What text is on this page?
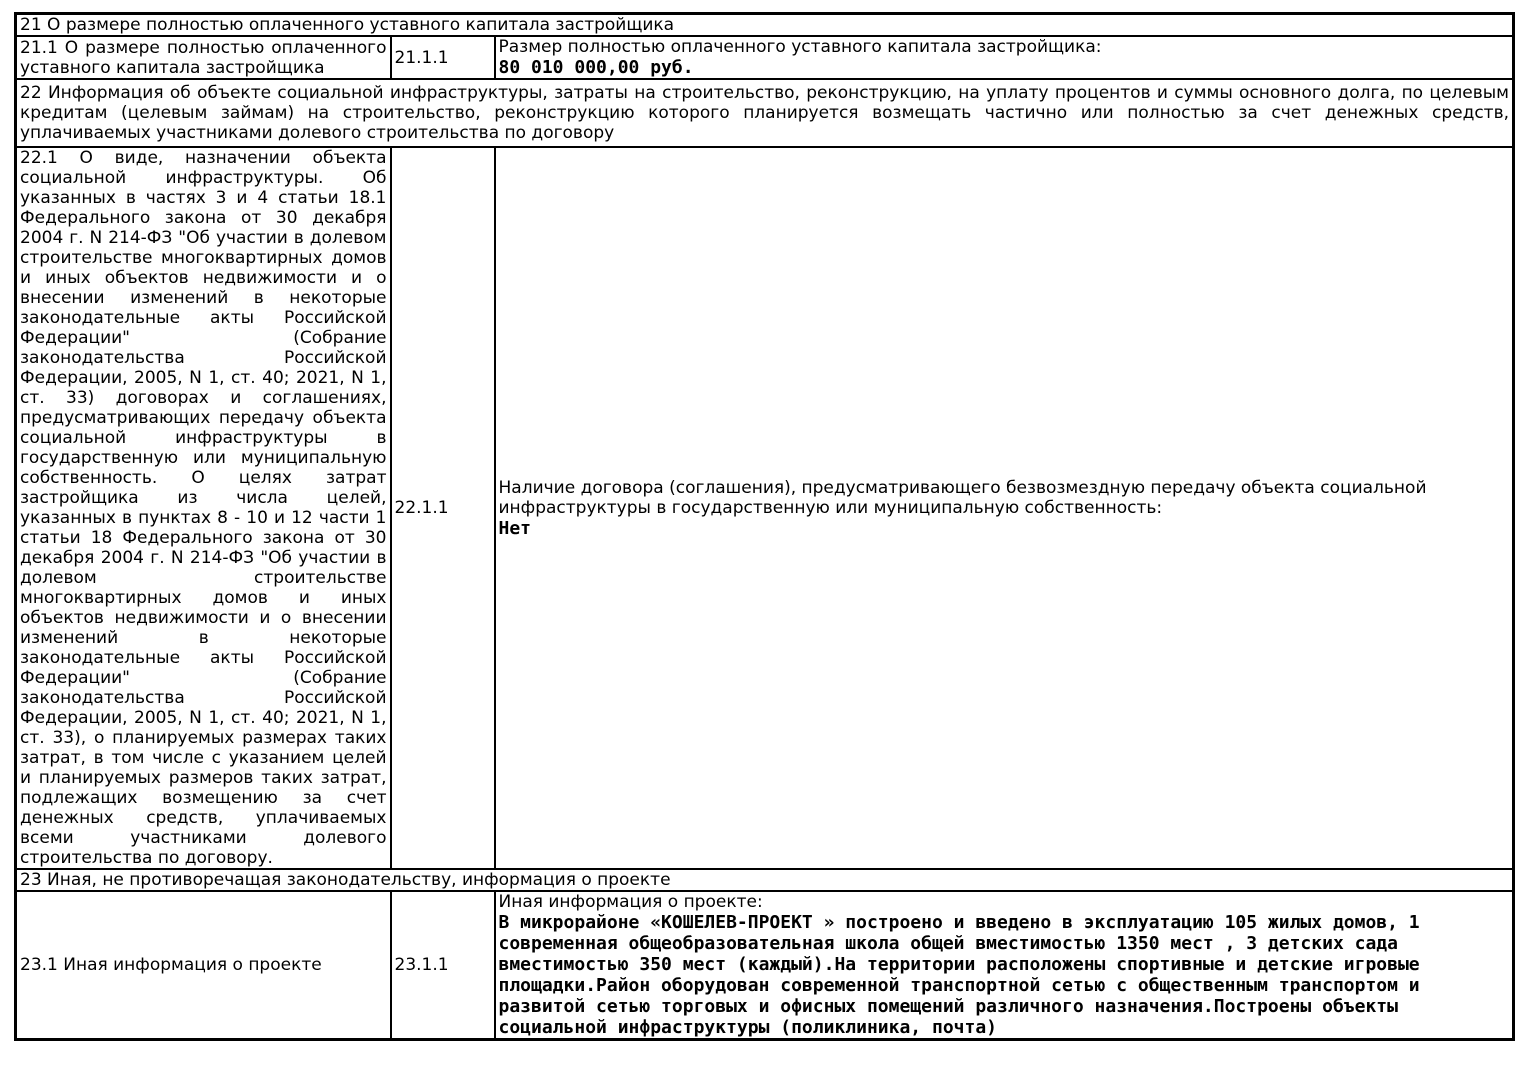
21 О размере полностью оплаченного уставного капитала застройщика		
21.1 О размере полностью оплаченного уставного капитала застройщика	21.1.1	Размер полностью оплаченного уставного капитала застройщика:
80 010 000,00 руб.

22 Информация об объекте социальной инфраструктуры, затраты на строительство, реконструкцию, на уплату процентов и суммы основного долга, по целевым кредитам (целевым займам) на строительство, реконструкцию которого планируется возмещать частично или полностью за счет денежных средств, уплачиваемых участниками долевого строительства по договору		
22.1 О виде, назначении объекта социальной инфраструктуры. Об указанных в частях 3 и 4 статьи 18.1 Федерального закона от 30 декабря 2004 г. N 214-ФЗ "Об участии в долевом строительстве многоквартирных домов и иных объектов недвижимости и о внесении изменений в некоторые законодательные акты Российской Федерации" (Собрание законодательства Российской Федерации, 2005, N 1, ст. 40; 2021, N 1, ст. 33) договорах и соглашениях, предусматривающих передачу объекта социальной инфраструктуры в государственную или муниципальную собственность. О целях затрат застройщика из числа целей, указанных в пунктах 8 - 10 и 12 части 1 статьи 18 Федерального закона от 30 декабря 2004 г. N 214-ФЗ "Об участии в долевом строительстве многоквартирных домов и иных объектов недвижимости и о внесении изменений в некоторые законодательные акты Российской Федерации" (Собрание законодательства Российской Федерации, 2005, N 1, ст. 40; 2021, N 1, ст. 33), о планируемых размерах таких затрат, в том числе с указанием целей и планируемых размеров таких затрат, подлежащих возмещению за счет денежных средств, уплачиваемых всеми участниками долевого строительства по договору.	22.1.1	Наличие договора (соглашения), предусматривающего безвозмездную передачу объекта социальной инфраструктуры в государственную или муниципальную собственность:
Нет

23 Иная, не противоречащая законодательству, информация о проекте		
23.1 Иная информация о проекте	23.1.1	Иная информация о проекте:
В микрорайоне «КОШЕЛЕВ-ПРОЕКТ » построено и введено в эксплуатацию 105 жилых домов, 1 современная общеобразовательная школа общей вместимостью 1350 мест , 3 детских сада вместимостью 350 мест (каждый).На территории расположены спортивные и детские игровые площадки.Район оборудован современной транспортной сетью с общественным транспортом и развитой сетью торговых и офисных помещений различного назначения.Построены объекты социальной инфраструктуры (поликлиника, почта)
